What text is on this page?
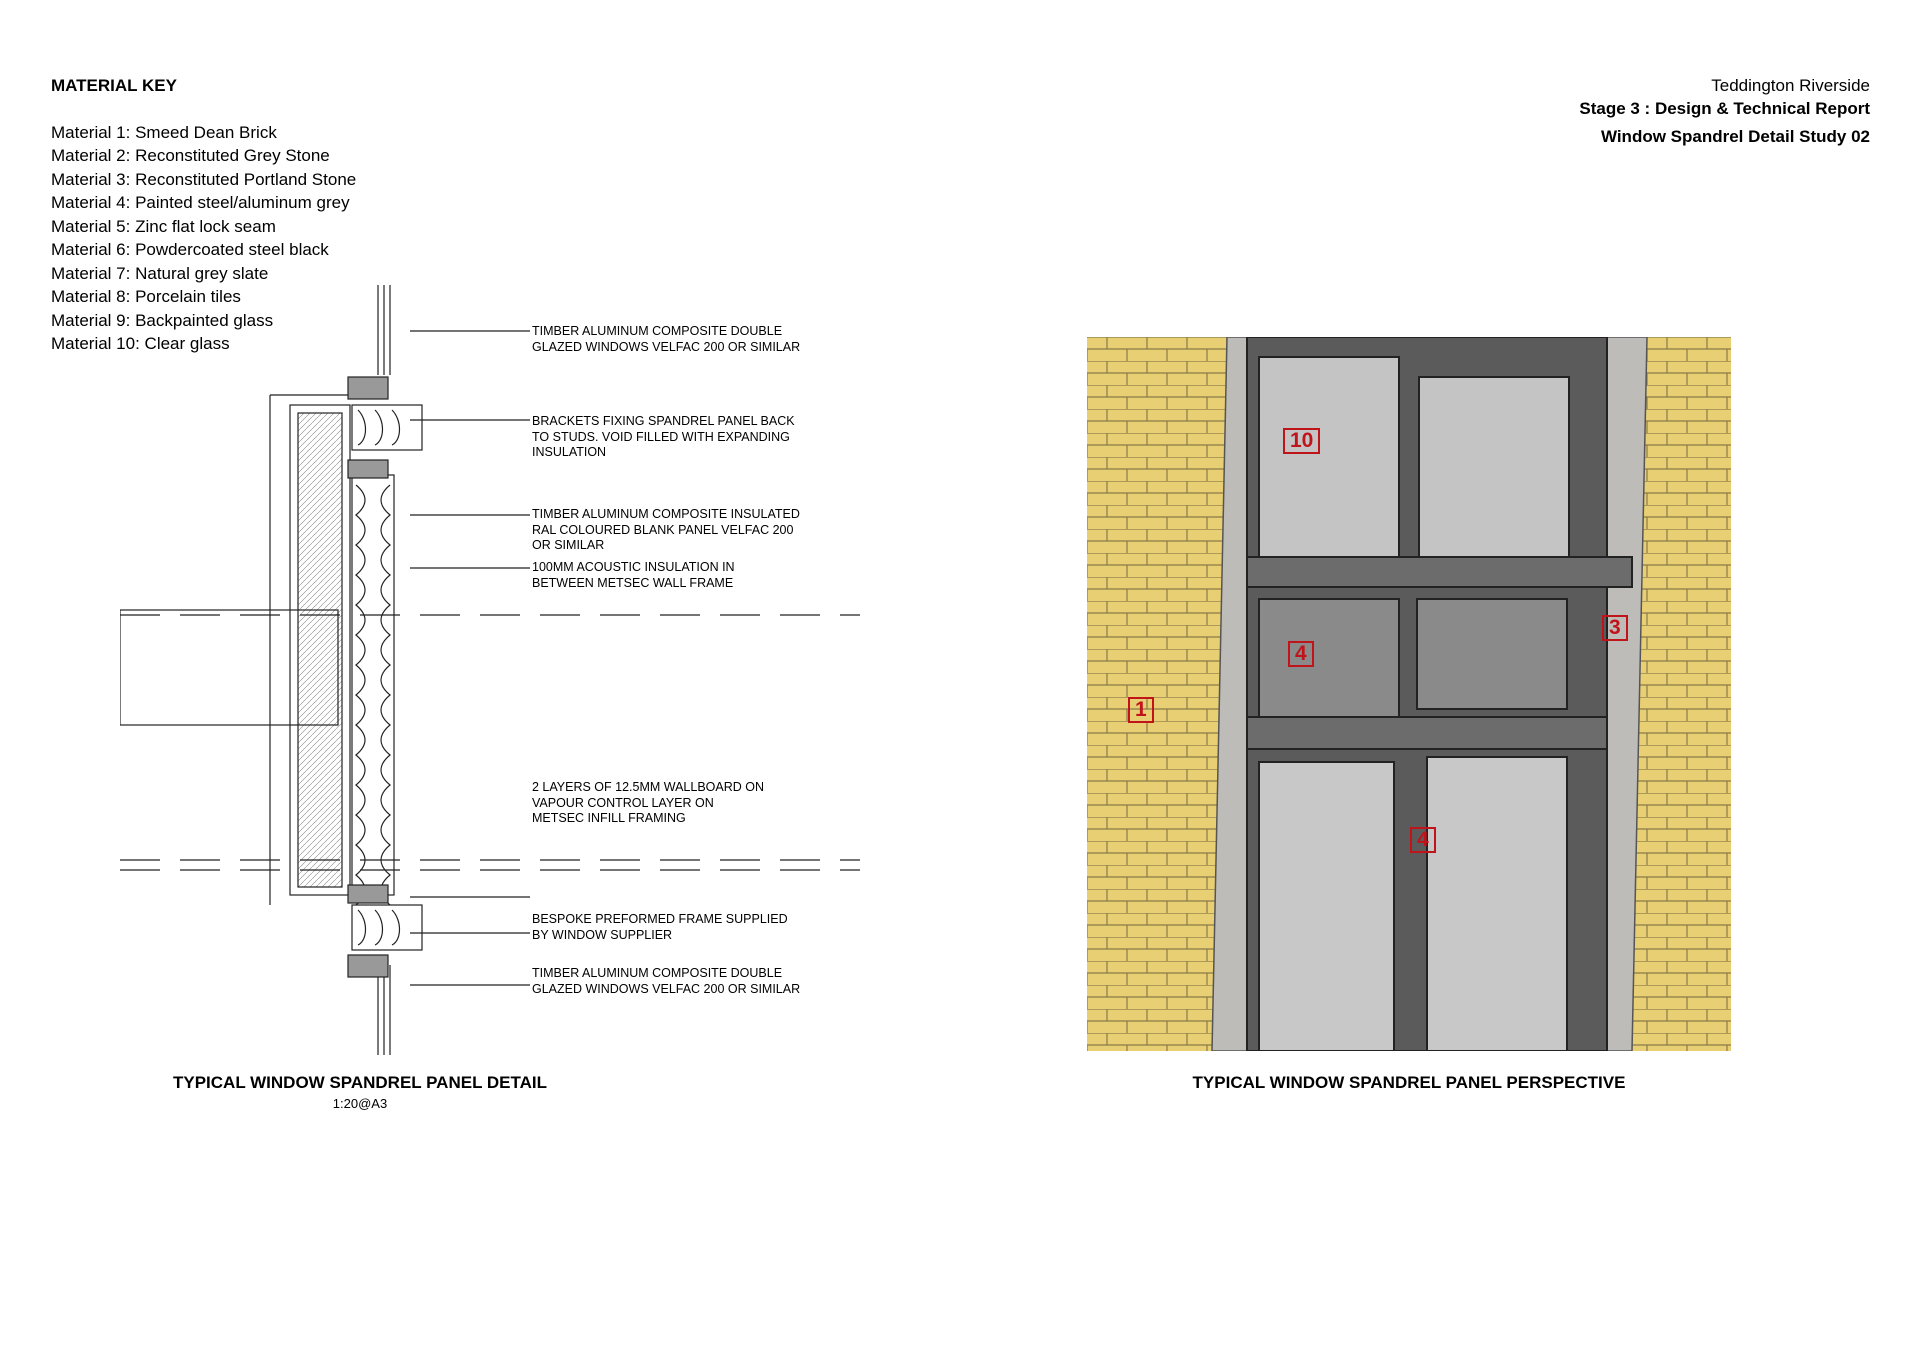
MATERIAL KEY
Material 1: Smeed Dean Brick
Material 2: Reconstituted Grey Stone
Material 3: Reconstituted Portland Stone
Material 4: Painted steel/aluminum grey
Material 5: Zinc flat lock seam
Material 6: Powdercoated steel black
Material 7: Natural grey slate
Material 8: Porcelain tiles
Material 9: Backpainted glass
Material 10: Clear glass
Teddington Riverside
Stage 3 : Design & Technical Report
Window Spandrel Detail Study 02
TIMBER ALUMINUM COMPOSITE DOUBLE
GLAZED WINDOWS VELFAC 200 OR SIMILAR
BRACKETS FIXING SPANDREL PANEL BACK
TO STUDS. VOID FILLED WITH EXPANDING
INSULATION
TIMBER ALUMINUM COMPOSITE INSULATED
RAL COLOURED BLANK PANEL VELFAC 200
OR SIMILAR
100MM ACOUSTIC INSULATION IN
BETWEEN METSEC WALL FRAME
2 LAYERS OF 12.5MM WALLBOARD ON
VAPOUR CONTROL LAYER ON
METSEC INFILL FRAMING
BESPOKE PREFORMED FRAME SUPPLIED
BY WINDOW SUPPLIER
TIMBER ALUMINUM COMPOSITE DOUBLE
GLAZED WINDOWS VELFAC 200 OR SIMILAR
TYPICAL WINDOW SPANDREL PANEL DETAIL
1:20@A3
10
4
1
3
4
TYPICAL WINDOW SPANDREL PANEL PERSPECTIVE
